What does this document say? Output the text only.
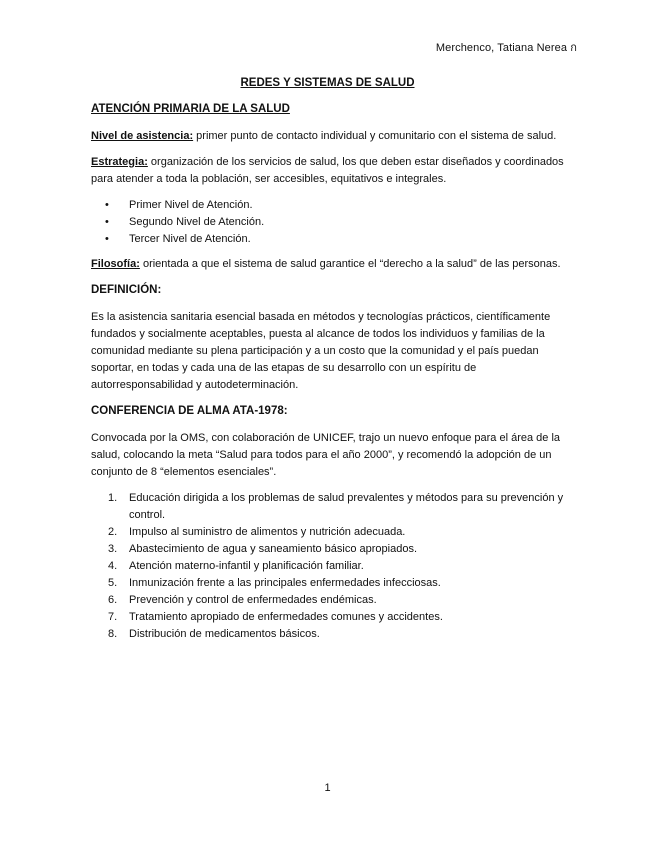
Merchenco, Tatiana Nerea ก
REDES Y SISTEMAS DE SALUD
ATENCIÓN PRIMARIA DE LA SALUD

Nivel de asistencia: primer punto de contacto individual y comunitario con el sistema de salud.

Estrategia: organización de los servicios de salud, los que deben estar diseñados y coordinados para atender a toda la población, ser accesibles, equitativos e integrales.

• Primer Nivel de Atención.
• Segundo Nivel de Atención.
• Tercer Nivel de Atención.

Filosofía: orientada a que el sistema de salud garantice el “derecho a la salud” de las personas.

DEFINICIÓN:

Es la asistencia sanitaria esencial basada en métodos y tecnologías prácticos, científicamente fundados y socialmente aceptables, puesta al alcance de todos los individuos y familias de la comunidad mediante su plena participación y a un costo que la comunidad y el país puedan soportar, en todas y cada una de las etapas de su desarrollo con un espíritu de autorresponsabilidad y autodeterminación.

CONFERENCIA DE ALMA ATA-1978:

Convocada por la OMS, con colaboración de UNICEF, trajo un nuevo enfoque para el área de la salud, colocando la meta “Salud para todos para el año 2000”, y recomendó la adopción de un conjunto de 8 “elementos esenciales”.

1. Educación dirigida a los problemas de salud prevalentes y métodos para su prevención y control.
2. Impulso al suministro de alimentos y nutrición adecuada.
3. Abastecimiento de agua y saneamiento básico apropiados.
4. Atención materno-infantil y planificación familiar.
5. Inmunización frente a las principales enfermedades infecciosas.
6. Prevención y control de enfermedades endémicas.
7. Tratamiento apropiado de enfermedades comunes y accidentes.
8. Distribución de medicamentos básicos.
1
